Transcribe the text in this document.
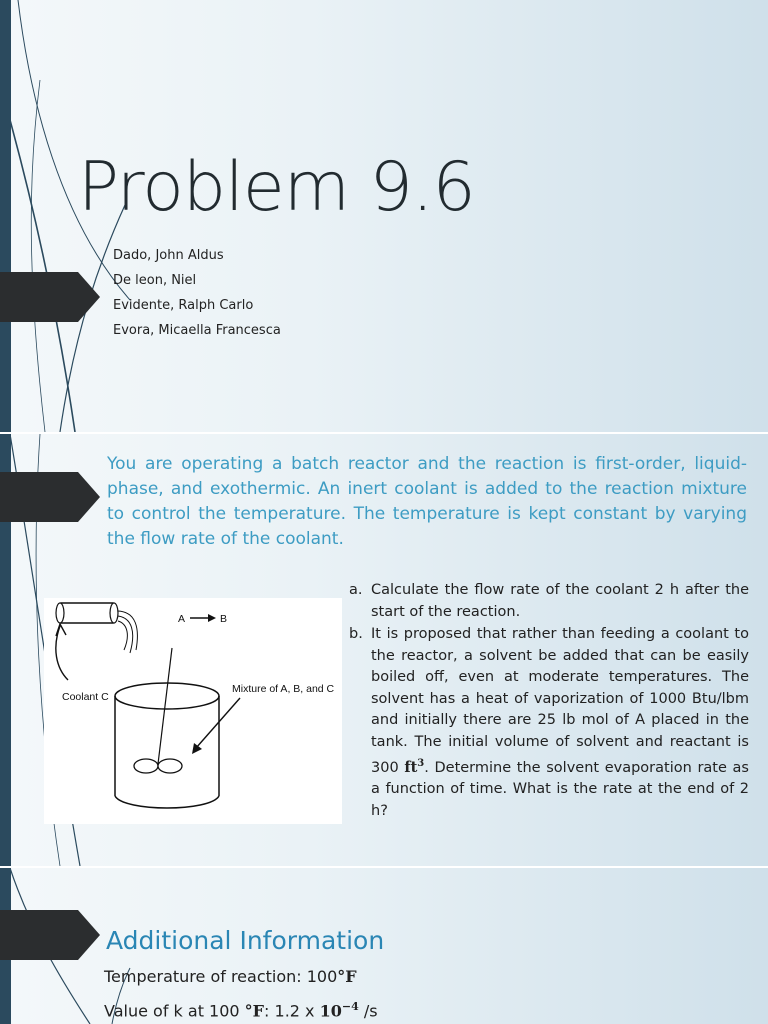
Problem 9.6
Dado, John Aldus
De leon, Niel
Evidente, Ralph Carlo
Evora, Micaella Francesca
You are operating a batch reactor and the reaction is first-order, liquid-phase, and exothermic. An inert coolant is added to the reaction mixture to control the temperature. The temperature is kept constant by varying the flow rate of the coolant.
Coolant C
A	B
Mixture of A, B, and C
a. Calculate the flow rate of the coolant 2 h after the start of the reaction.
b. It is proposed that rather than feeding a coolant to the reactor, a solvent be added that can be easily boiled off, even at moderate temperatures. The solvent has a heat of vaporization of 1000 Btu/lbm and initially there are 25 lb mol of A placed in the tank. The initial volume of solvent and reactant is 300 $ft^3$. Determine the solvent evaporation rate as a function of time. What is the rate at the end of 2 h?
Additional Information
Temperature of reaction: 100°F
Value of k at 100 °F: 1.2 x $10^{-4}$ /s
